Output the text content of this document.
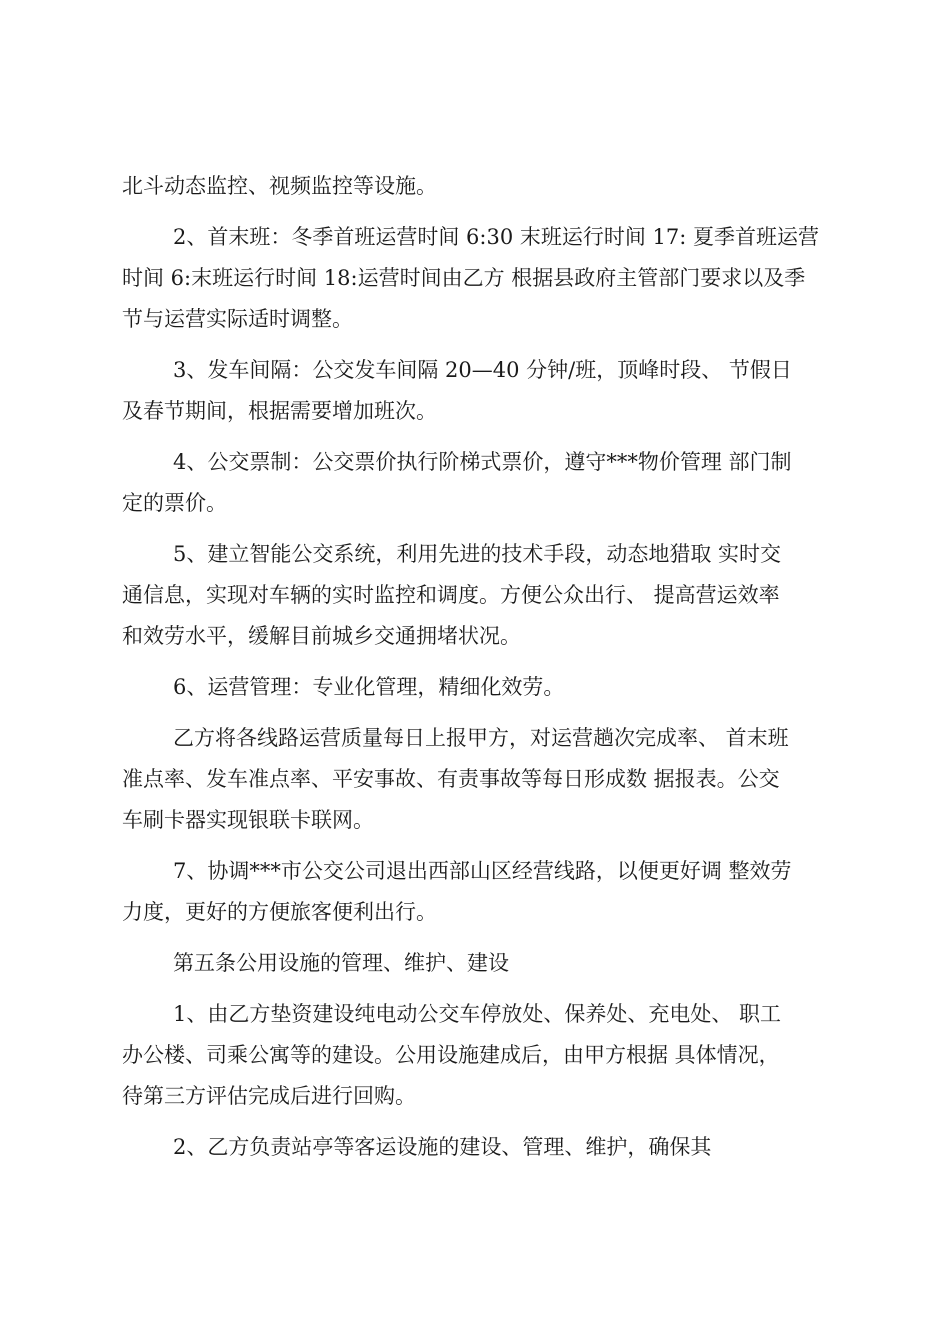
北斗动态监控、视频监控等设施。
2、首末班：冬季首班运营时间 6:30 末班运行时间 17: 夏季首班运营
时间 6:末班运行时间 18:运营时间由乙方 根据县政府主管部门要求以及季
节与运营实际适时调整。
3、发车间隔：公交发车间隔 20—40 分钟/班，顶峰时段、 节假日
及春节期间，根据需要增加班次。
4、公交票制：公交票价执行阶梯式票价，遵守***物价管理 部门制
定的票价。
5、建立智能公交系统，利用先进的技术手段，动态地猎取 实时交
通信息，实现对车辆的实时监控和调度。方便公众出行、 提高营运效率
和效劳水平，缓解目前城乡交通拥堵状况。
6、运营管理：专业化管理，精细化效劳。
乙方将各线路运营质量每日上报甲方，对运营趟次完成率、 首末班
准点率、发车准点率、平安事故、有责事故等每日形成数 据报表。公交
车刷卡器实现银联卡联网。
7、协调***市公交公司退出西部山区经营线路，以便更好调 整效劳
力度，更好的方便旅客便利出行。
第五条公用设施的管理、维护、建设
1、由乙方垫资建设纯电动公交车停放处、保养处、充电处、 职工
办公楼、司乘公寓等的建设。公用设施建成后，由甲方根据 具体情况，
待第三方评估完成后进行回购。
2、乙方负责站亭等客运设施的建设、管理、维护，确保其
